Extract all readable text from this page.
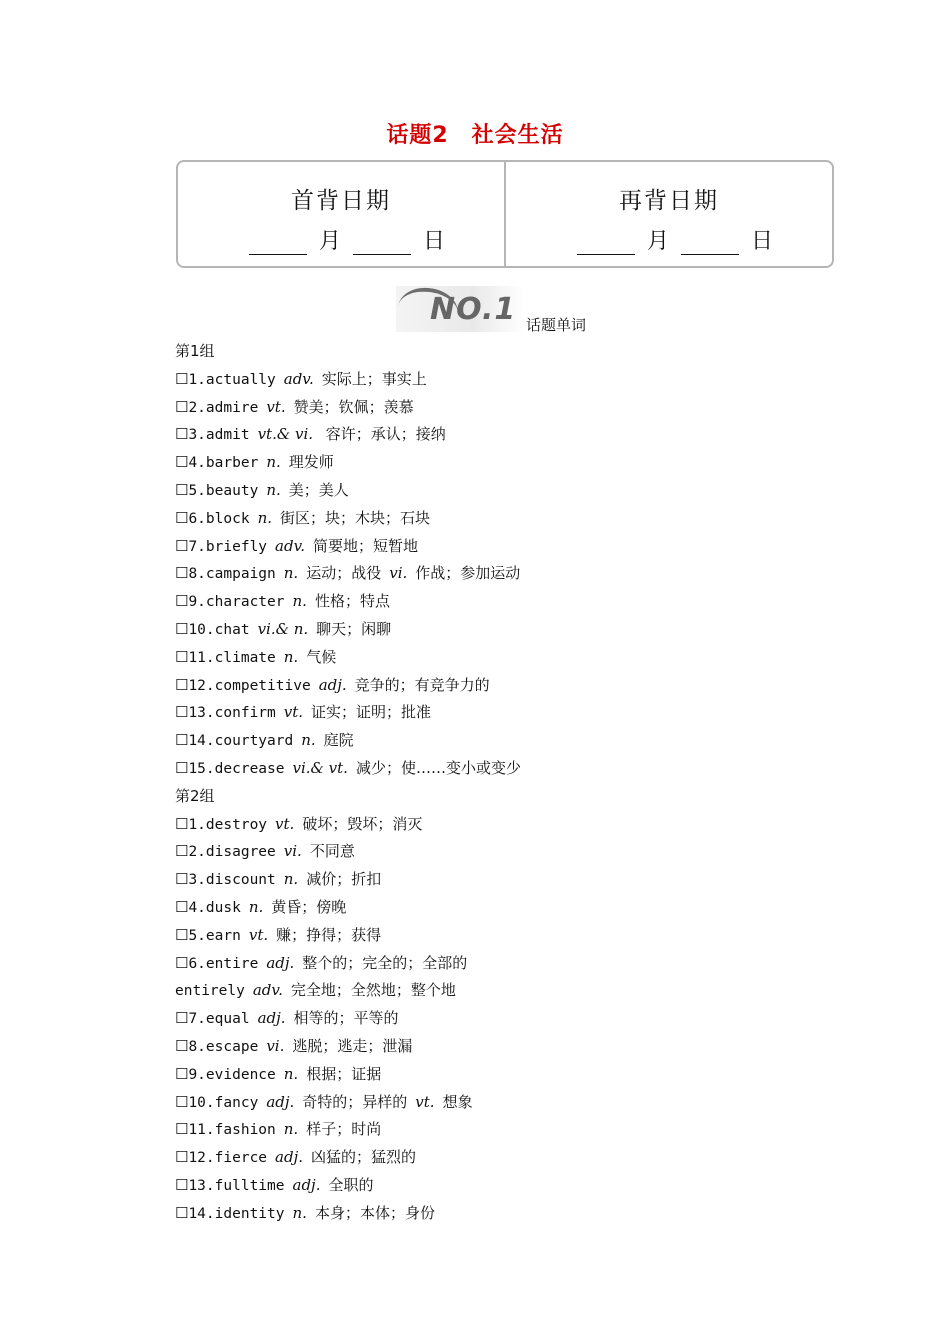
话题2　社会生活
首背日期
月	日
再背日期
月	日
NO.1 话题单词
第1组
☐1.actually adv. 实际上；事实上
☐2.admire vt. 赞美；钦佩；羡慕
☐3.admit vt.& vi. 容许；承认；接纳
☐4.barber n. 理发师
☐5.beauty n. 美；美人
☐6.block n. 街区；块；木块；石块
☐7.briefly adv. 简要地；短暂地
☐8.campaign n. 运动；战役 vi. 作战；参加运动
☐9.character n. 性格；特点
☐10.chat vi.& n. 聊天；闲聊
☐11.climate n. 气候
☐12.competitive adj. 竞争的；有竞争力的
☐13.confirm vt. 证实；证明；批准
☐14.courtyard n. 庭院
☐15.decrease vi.& vt. 减少；使……变小或变少
第2组
☐1.destroy vt. 破坏；毁坏；消灭
☐2.disagree vi. 不同意
☐3.discount n. 减价；折扣
☐4.dusk n. 黄昏；傍晚
☐5.earn vt. 赚；挣得；获得
☐6.entire adj. 整个的；完全的；全部的
entirely adv. 完全地；全然地；整个地
☐7.equal adj. 相等的；平等的
☐8.escape vi. 逃脱；逃走；泄漏
☐9.evidence n. 根据；证据
☐10.fancy adj. 奇特的；异样的 vt. 想象
☐11.fashion n. 样子；时尚
☐12.fierce adj. 凶猛的；猛烈的
☐13.fulltime adj. 全职的
☐14.identity n. 本身；本体；身份
